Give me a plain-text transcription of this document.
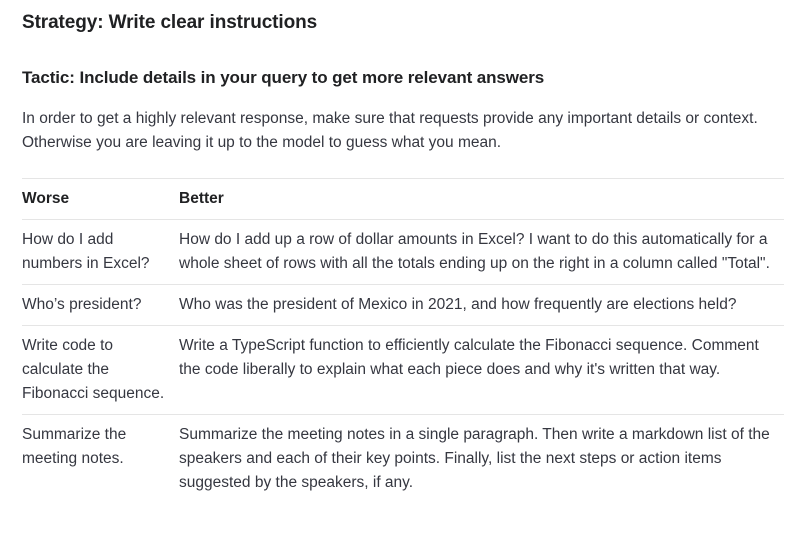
Strategy: Write clear instructions
Tactic: Include details in your query to get more relevant answers

In order to get a highly relevant response, make sure that requests provide any important details or context. Otherwise you are leaving it up to the model to guess what you mean.

Worse	Better
How do I add numbers in Excel?	How do I add up a row of dollar amounts in Excel? I want to do this automatically for a whole sheet of rows with all the totals ending up on the right in a column called "Total".
Who’s president?	Who was the president of Mexico in 2021, and how frequently are elections held?
Write code to calculate the Fibonacci sequence.	Write a TypeScript function to efficiently calculate the Fibonacci sequence. Comment the code liberally to explain what each piece does and why it's written that way.
Summarize the meeting notes.	Summarize the meeting notes in a single paragraph. Then write a markdown list of the speakers and each of their key points. Finally, list the next steps or action items suggested by the speakers, if any.
